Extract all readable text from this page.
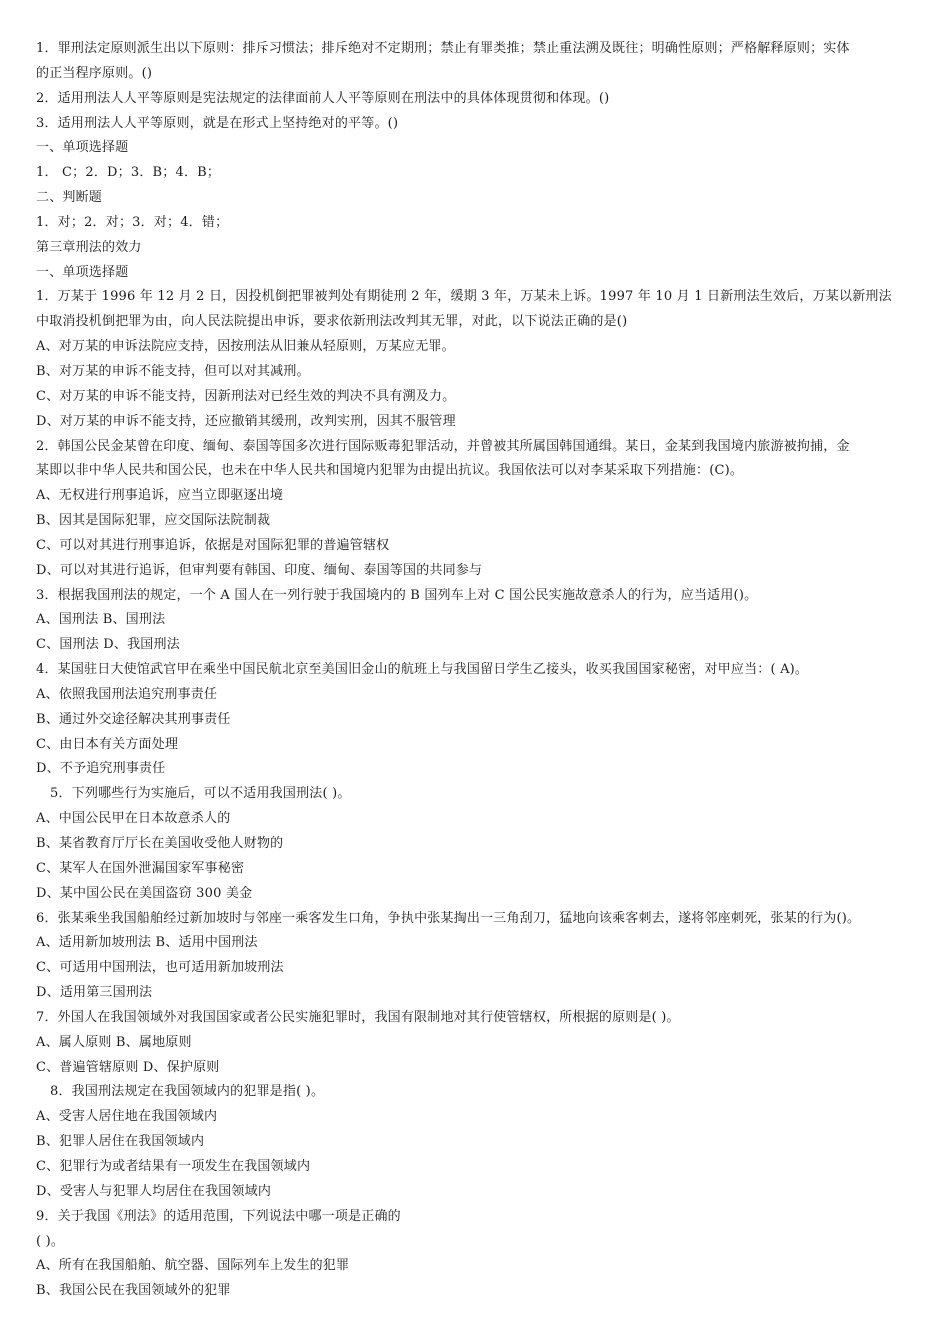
1．罪刑法定原则派生出以下原则：排斥习惯法；排斥绝对不定期刑；禁止有罪类推；禁止重法溯及既往；明确性原则；严格解释原则；实体
的正当程序原则。()
2．适用刑法人人平等原则是宪法规定的法律面前人人平等原则在刑法中的具体体现贯彻和体现。()
3．适用刑法人人平等原则，就是在形式上坚持绝对的平等。()
一、单项选择题
1． C；2．D；3．B；4．B；
二、判断题
1．对；2．对；3．对；4．错；
第三章刑法的效力
一、单项选择题
1．万某于 1996 年 12 月 2 日，因投机倒把罪被判处有期徒刑 2 年，缓期 3 年，万某未上诉。1997 年 10 月 1 日新刑法生效后，万某以新刑法
中取消投机倒把罪为由，向人民法院提出申诉，要求依新刑法改判其无罪，对此，以下说法正确的是()
A、对万某的申诉法院应支持，因按刑法从旧兼从轻原则，万某应无罪。
B、对万某的申诉不能支持，但可以对其减刑。
C、对万某的申诉不能支持，因新刑法对已经生效的判决不具有溯及力。
D、对万某的申诉不能支持，还应撤销其缓刑，改判实刑，因其不服管理
2．韩国公民金某曾在印度、缅甸、泰国等国多次进行国际贩毒犯罪活动，并曾被其所属国韩国通缉。某日，金某到我国境内旅游被拘捕，金
某即以非中华人民共和国公民，也未在中华人民共和国境内犯罪为由提出抗议。我国依法可以对李某采取下列措施：(C)。
A、无权进行刑事追诉，应当立即驱逐出境
B、因其是国际犯罪，应交国际法院制裁
C、可以对其进行刑事追诉，依据是对国际犯罪的普遍管辖权
D、可以对其进行追诉，但审判要有韩国、印度、缅甸、泰国等国的共同参与
3．根据我国刑法的规定，一个 A 国人在一列行驶于我国境内的 B 国列车上对 C 国公民实施故意杀人的行为，应当适用()。
A、国刑法 B、国刑法
C、国刑法 D、我国刑法
4．某国驻日大使馆武官甲在乘坐中国民航北京至美国旧金山的航班上与我国留日学生乙接头，收买我国国家秘密，对甲应当：( A)。
A、依照我国刑法追究刑事责任
B、通过外交途径解决其刑事责任
C、由日本有关方面处理
D、不予追究刑事责任
5．下列哪些行为实施后，可以不适用我国刑法( )。
A、中国公民甲在日本故意杀人的
B、某省教育厅厅长在美国收受他人财物的
C、某军人在国外泄漏国家军事秘密
D、某中国公民在美国盗窃 300 美金
6．张某乘坐我国船舶经过新加坡时与邻座一乘客发生口角，争执中张某掏出一三角刮刀，猛地向该乘客刺去，遂将邻座刺死，张某的行为()。
A、适用新加坡刑法 B、适用中国刑法
C、可适用中国刑法，也可适用新加坡刑法
D、适用第三国刑法
7．外国人在我国领域外对我国国家或者公民实施犯罪时，我国有限制地对其行使管辖权，所根据的原则是( )。
A、属人原则 B、属地原则
C、普遍管辖原则 D、保护原则
8．我国刑法规定在我国领域内的犯罪是指( )。
A、受害人居住地在我国领域内
B、犯罪人居住在我国领域内
C、犯罪行为或者结果有一项发生在我国领域内
D、受害人与犯罪人均居住在我国领域内
9．关于我国《刑法》的适用范围，下列说法中哪一项是正确的
( )。
A、所有在我国船舶、航空器、国际列车上发生的犯罪
B、我国公民在我国领域外的犯罪
